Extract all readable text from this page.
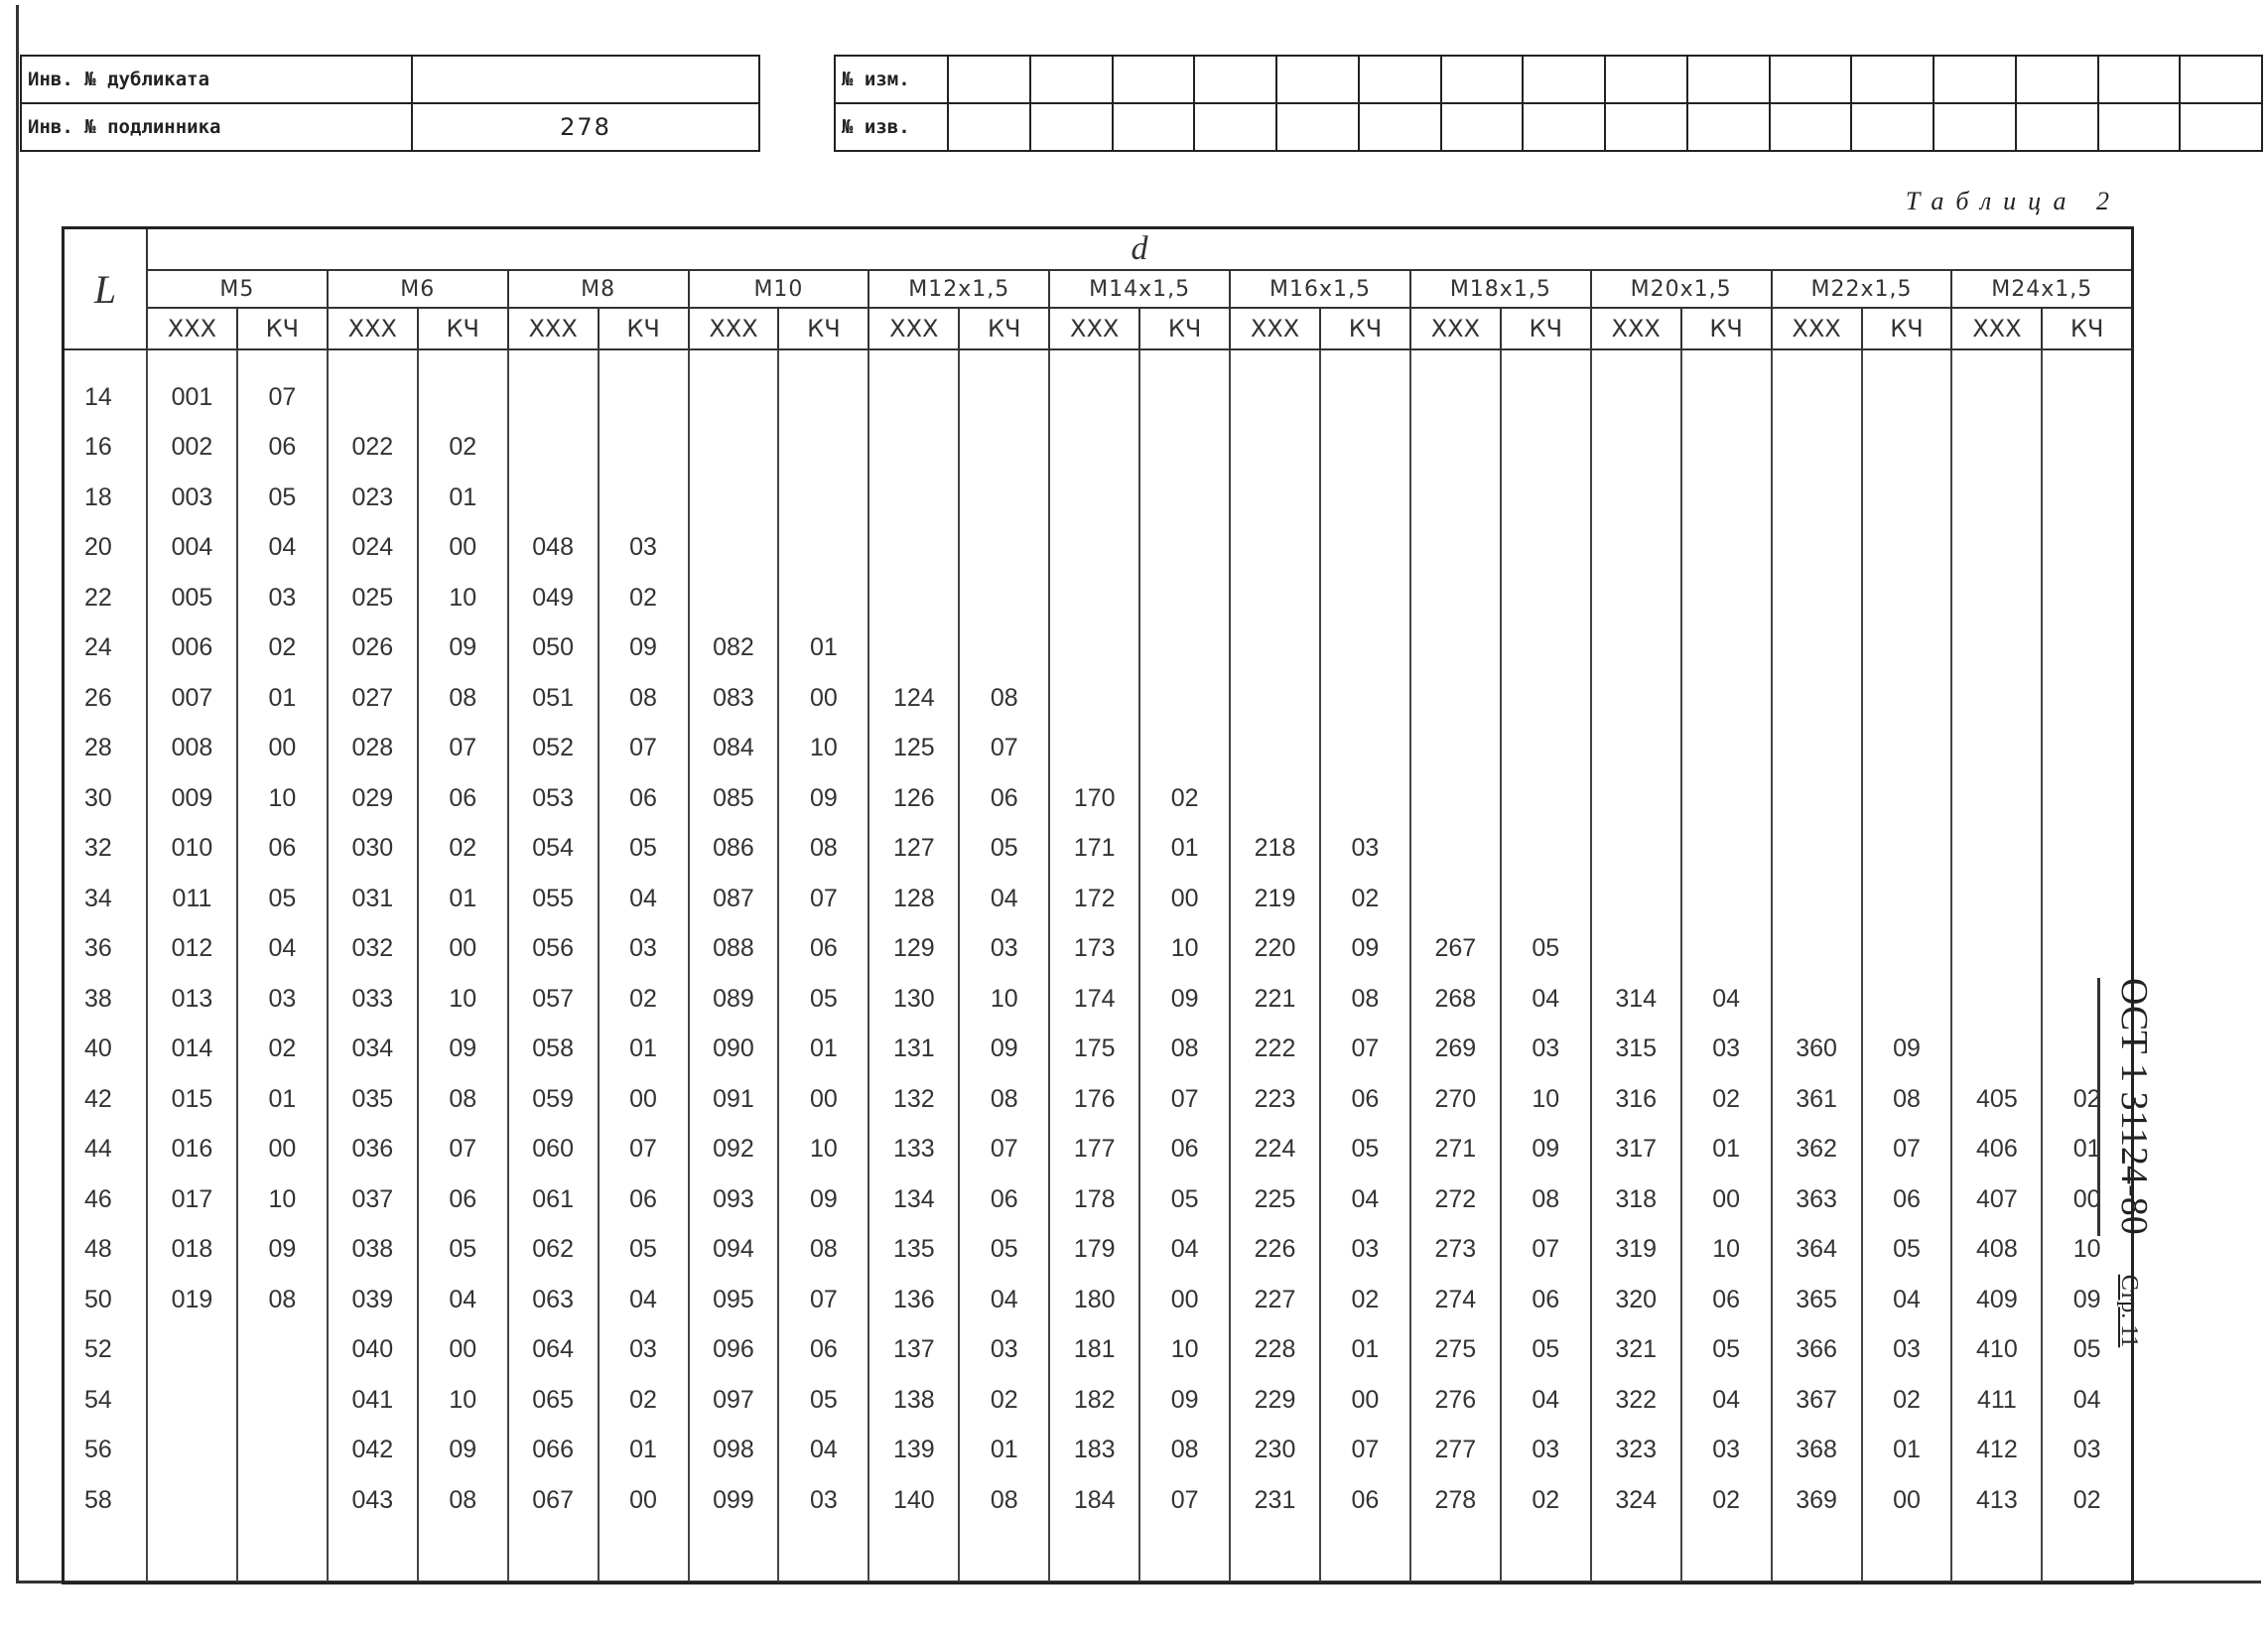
Инв. № дубликата	
Инв. № подлинника	278
№ изм.																
№ изв.																
Таблица 2
L	d																					
	М5		М6		М8		М10		М12x1,5		М14x1,5		М16x1,5		М18x1,5		М20x1,5		М22x1,5		М24x1,5	
	ХХХ	КЧ	ХХХ	КЧ	ХХХ	КЧ	ХХХ	КЧ	ХХХ	КЧ	ХХХ	КЧ	ХХХ	КЧ	ХХХ	КЧ	ХХХ	КЧ	ХХХ	КЧ	ХХХ	КЧ

14	001	07																				
16	002	06	022	02																		
18	003	05	023	01																		
20	004	04	024	00	048	03																
22	005	03	025	10	049	02																
24	006	02	026	09	050	09	082	01														
26	007	01	027	08	051	08	083	00	124	08												
28	008	00	028	07	052	07	084	10	125	07												
30	009	10	029	06	053	06	085	09	126	06	170	02										
32	010	06	030	02	054	05	086	08	127	05	171	01	218	03								
34	011	05	031	01	055	04	087	07	128	04	172	00	219	02								
36	012	04	032	00	056	03	088	06	129	03	173	10	220	09	267	05						
38	013	03	033	10	057	02	089	05	130	10	174	09	221	08	268	04	314	04				
40	014	02	034	09	058	01	090	01	131	09	175	08	222	07	269	03	315	03	360	09		
42	015	01	035	08	059	00	091	00	132	08	176	07	223	06	270	10	316	02	361	08	405	02
44	016	00	036	07	060	07	092	10	133	07	177	06	224	05	271	09	317	01	362	07	406	01
46	017	10	037	06	061	06	093	09	134	06	178	05	225	04	272	08	318	00	363	06	407	00
48	018	09	038	05	062	05	094	08	135	05	179	04	226	03	273	07	319	10	364	05	408	10
50	019	08	039	04	063	04	095	07	136	04	180	00	227	02	274	06	320	06	365	04	409	09
52			040	00	064	03	096	06	137	03	181	10	228	01	275	05	321	05	366	03	410	05
54			041	10	065	02	097	05	138	02	182	09	229	00	276	04	322	04	367	02	411	04
56			042	09	066	01	098	04	139	01	183	08	230	07	277	03	323	03	368	01	412	03
58			043	08	067	00	099	03	140	08	184	07	231	06	278	02	324	02	369	00	413	02

ОСТ 1 31124-80Стр. 11
